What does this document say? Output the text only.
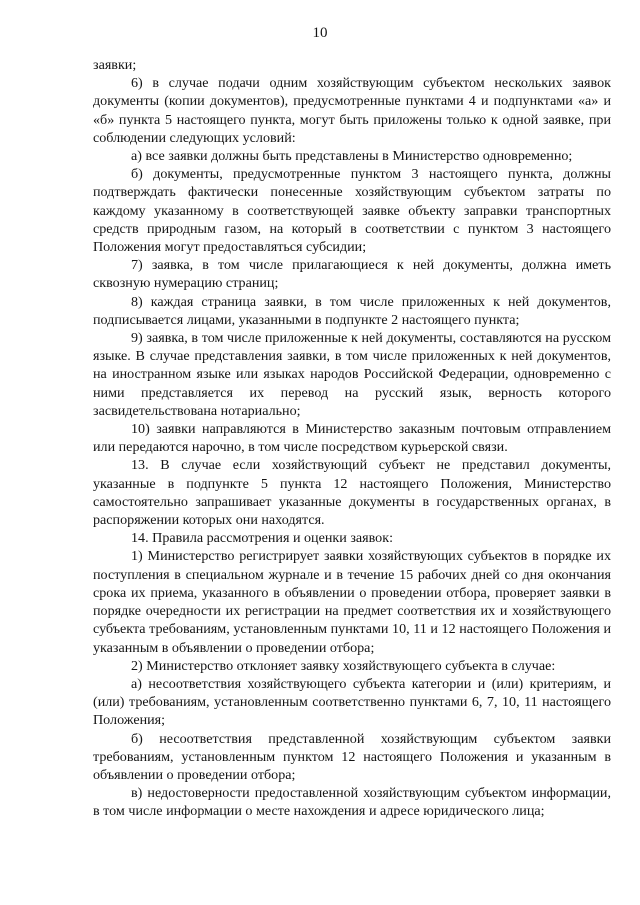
10

заявки;

6) в случае подачи одним хозяйствующим субъектом нескольких заявок документы (копии документов), предусмотренные пунктами 4 и подпунктами «а» и «б» пункта 5 настоящего пункта, могут быть приложены только к одной заявке, при соблюдении следующих условий:

а) все заявки должны быть представлены в Министерство одновременно;

б) документы, предусмотренные пунктом 3 настоящего пункта, должны подтверждать фактически понесенные хозяйствующим субъектом затраты по каждому указанному в соответствующей заявке объекту заправки транспортных средств природным газом, на который в соответствии с пунктом 3 настоящего Положения могут предоставляться субсидии;

7) заявка, в том числе прилагающиеся к ней документы, должна иметь сквозную нумерацию страниц;

8) каждая страница заявки, в том числе приложенных к ней документов, подписывается лицами, указанными в подпункте 2 настоящего пункта;

9) заявка, в том числе приложенные к ней документы, составляются на русском языке. В случае представления заявки, в том числе приложенных к ней документов, на иностранном языке или языках народов Российской Федерации, одновременно с ними представляется их перевод на русский язык, верность которого засвидетельствована нотариально;

10) заявки направляются в Министерство заказным почтовым отправлением или передаются нарочно, в том числе посредством курьерской связи.

13. В случае если хозяйствующий субъект не представил документы, указанные в подпункте 5 пункта 12 настоящего Положения, Министерство самостоятельно запрашивает указанные документы в государственных органах, в распоряжении которых они находятся.

14. Правила рассмотрения и оценки заявок:

1) Министерство регистрирует заявки хозяйствующих субъектов в порядке их поступления в специальном журнале и в течение 15 рабочих дней со дня окончания срока их приема, указанного в объявлении о проведении отбора, проверяет заявки в порядке очередности их регистрации на предмет соответствия их и хозяйствующего субъекта требованиям, установленным пунктами 10, 11 и 12 настоящего Положения и указанным в объявлении о проведении отбора;

2) Министерство отклоняет заявку хозяйствующего субъекта в случае:

а) несоответствия хозяйствующего субъекта категории и (или) критериям, и (или) требованиям, установленным соответственно пунктами 6, 7, 10, 11 настоящего Положения;

б) несоответствия представленной хозяйствующим субъектом заявки требованиям, установленным пунктом 12 настоящего Положения и указанным в объявлении о проведении отбора;

в) недостоверности предоставленной хозяйствующим субъектом информации, в том числе информации о месте нахождения и адресе юридического лица;
